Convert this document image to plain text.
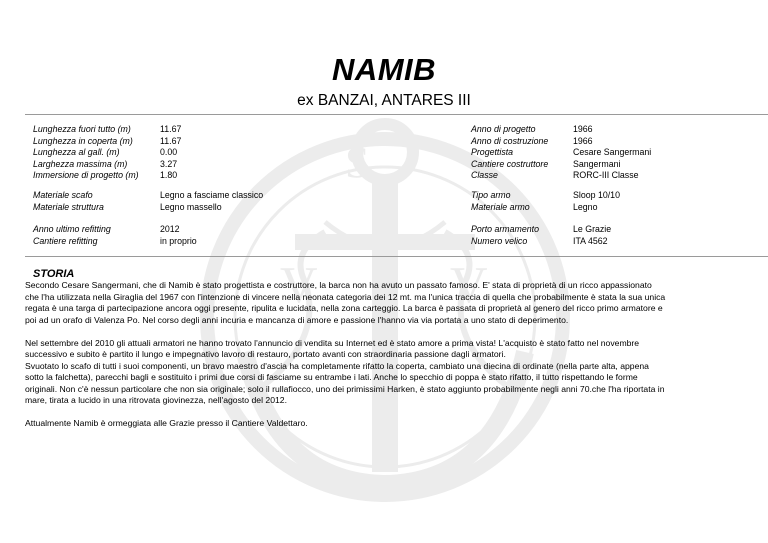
S
V	V
NAMIB
ex BANZAI, ANTARES III
Lunghezza fuori tutto (m)	11.67
Lunghezza in coperta (m)	11.67
Lunghezza al gall. (m)	0.00
Larghezza massima (m)	3.27
Immersione di progetto (m) 1.80
Anno di progetto	1966
Anno di costruzione	1966
Progettista	Cesare Sangermani
Cantiere costruttore	Sangermani
Classe	RORC-III Classe
Materiale scafo	Legno a fasciame classico
Materiale struttura	Legno massello
Tipo armo	Sloop 10/10
Materiale armo	Legno
Anno ultimo refitting	2012
Cantiere refitting	in proprio
Porto armamento	Le Grazie
Numero velico	ITA 4562
STORIA

Secondo Cesare Sangermani, che di Namib è stato progettista e costruttore, la barca non ha avuto un passato famoso. E' stata di proprietà di un ricco appassionato
che l'ha utilizzata nella Giraglia del 1967 con l'intenzione di vincere nella neonata categoria dei 12 mt. ma l'unica traccia di quella che probabilmente è stata la sua unica
regata è una targa di partecipazione ancora oggi presente, ripulita e lucidata, nella zona carteggio. La barca è passata di proprietà al genero del ricco primo armatore e
poi ad un orafo di Valenza Po. Nel corso degli anni incuria e mancanza di amore e passione l'hanno via via portata a uno stato di deperimento.

Nel settembre del 2010 gli attuali armatori ne hanno trovato l'annuncio di vendita su Internet ed è stato amore a prima vista! L'acquisto è stato fatto nel novembre
successivo e subito è partito il lungo e impegnativo lavoro di restauro, portato avanti con straordinaria passione dagli armatori.
Svuotato lo scafo di tutti i suoi componenti, un bravo maestro d'ascia ha completamente rifatto la coperta, cambiato una diecina di ordinate (nella parte alta, appena
sotto la falchetta), parecchi bagli e sostituito i primi due corsi di fasciame su entrambe i lati. Anche lo specchio di poppa è stato rifatto, il tutto rispettando le forme
originali. Non c'è nessun particolare che non sia originale; solo il rullafiocco, uno dei primissimi Harken, è stato aggiunto probabilmente negli anni 70.che l'ha riportata in
mare, tirata a lucido in una ritrovata giovinezza, nell'agosto del 2012.

Attualmente Namib è ormeggiata alle Grazie presso il Cantiere Valdettaro.
